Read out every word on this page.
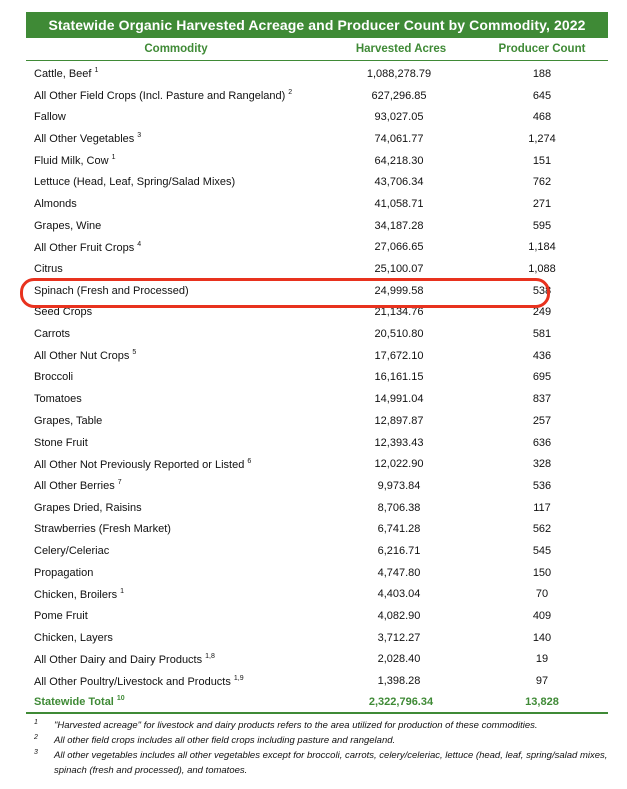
Statewide Organic Harvested Acreage and Producer Count by Commodity, 2022
Commodity	Harvested Acres	Producer Count
Cattle, Beef $^1$	1,088,278.79	188
All Other Field Crops (Incl. Pasture and Rangeland) $^2$	627,296.85	645
Fallow	93,027.05	468
All Other Vegetables $^3$	74,061.77	1,274
Fluid Milk, Cow $^1$	64,218.30	151
Lettuce (Head, Leaf, Spring/Salad Mixes)	43,706.34	762
Almonds	41,058.71	271
Grapes, Wine	34,187.28	595
All Other Fruit Crops $^4$	27,066.65	1,184
Citrus	25,100.07	1,088
Spinach (Fresh and Processed)	24,999.58	538
Seed Crops	21,134.76	249
Carrots	20,510.80	581
All Other Nut Crops $^5$	17,672.10	436
Broccoli	16,161.15	695
Tomatoes	14,991.04	837
Grapes, Table	12,897.87	257
Stone Fruit	12,393.43	636
All Other Not Previously Reported or Listed $^6$	12,022.90	328
All Other Berries $^7$	9,973.84	536
Grapes Dried, Raisins	8,706.38	117
Strawberries (Fresh Market)	6,741.28	562
Celery/Celeriac	6,216.71	545
Propagation	4,747.80	150
Chicken, Broilers $^1$	4,403.04	70
Pome Fruit	4,082.90	409
Chicken, Layers	3,712.27	140
All Other Dairy and Dairy Products $^{1,8}$	2,028.40	19
All Other Poultry/Livestock and Products $^{1,9}$	1,398.28	97
Statewide Total $^{10}$	2,322,796.34	13,828
1	"Harvested acreage" for livestock and dairy products refers to the area utilized for production of these commodities.
2	All other field crops includes all other field crops including pasture and rangeland.
3	All other vegetables includes all other vegetables except for broccoli, carrots, celery/celeriac, lettuce (head, leaf, spring/salad mixes, spinach (fresh and processed), and tomatoes.
